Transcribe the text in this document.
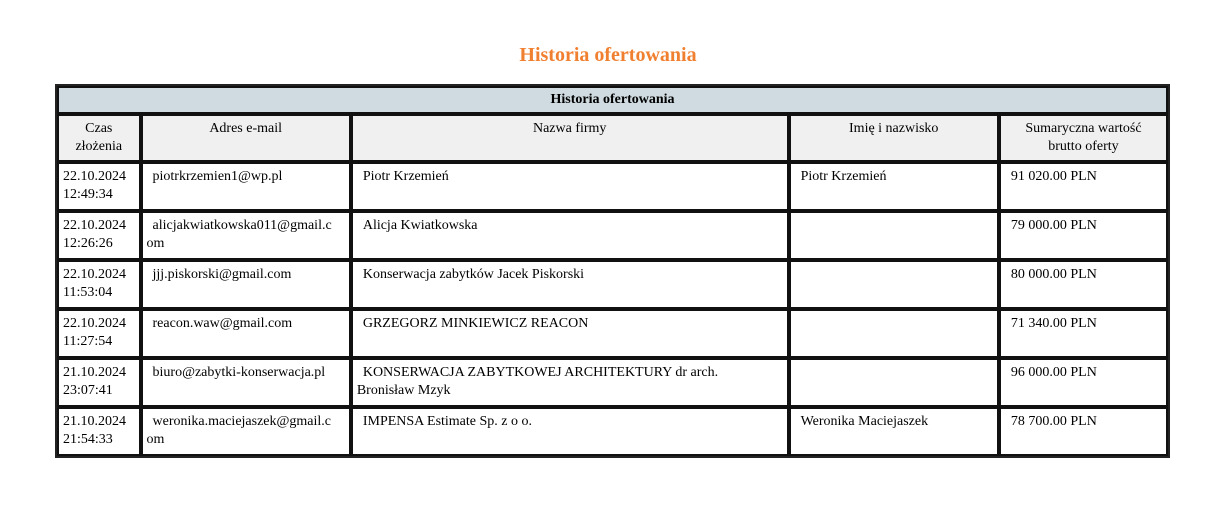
Historia ofertowania
Historia ofertowania				
Czas
złożenia	Adres e-mail	Nazwa firmy	Imię i nazwisko	Sumaryczna wartość
brutto oferty
22.10.2024
12:49:34	piotrkrzemien1@wp.pl	Piotr Krzemień	Piotr Krzemień	91 020.00 PLN
22.10.2024
12:26:26	alicjakwiatkowska011@gmail.c
om	Alicja Kwiatkowska		79 000.00 PLN
22.10.2024
11:53:04	jjj.piskorski@gmail.com	Konserwacja zabytków Jacek Piskorski		80 000.00 PLN
22.10.2024
11:27:54	reacon.waw@gmail.com	GRZEGORZ MINKIEWICZ REACON		71 340.00 PLN
21.10.2024
23:07:41	biuro@zabytki-konserwacja.pl	KONSERWACJA ZABYTKOWEJ ARCHITEKTURY dr arch.
Bronisław Mzyk		96 000.00 PLN
21.10.2024
21:54:33	weronika.maciejaszek@gmail.c
om	IMPENSA Estimate Sp. z o o.	Weronika Maciejaszek	78 700.00 PLN
